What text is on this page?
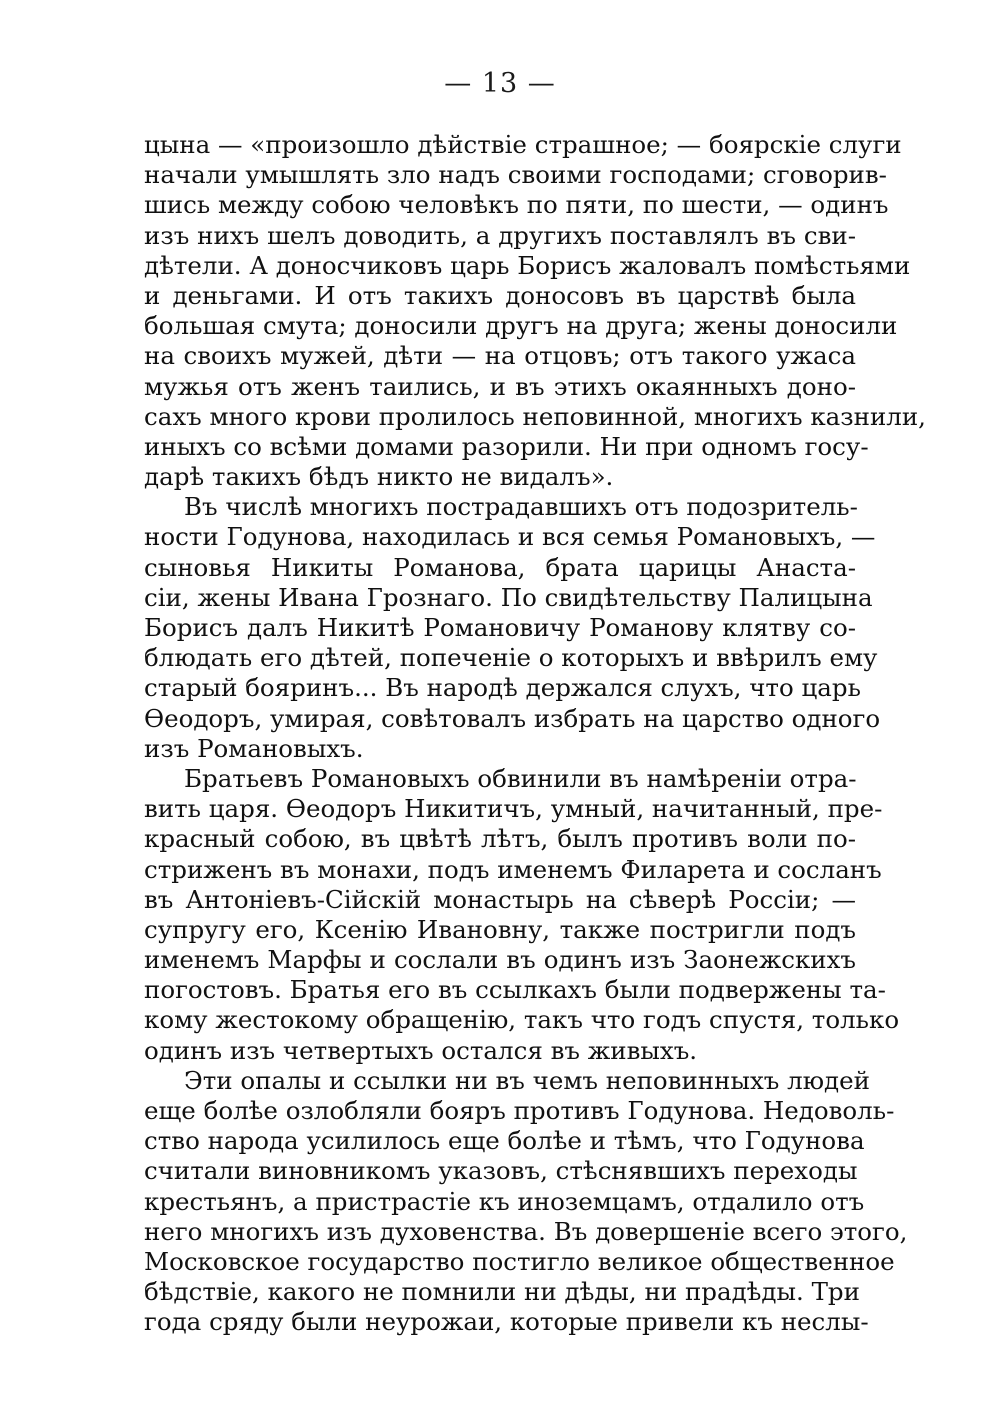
— 13 —
цына — «произошло дѣйствіе страшное; — боярскіе слуги
начали умышлять зло надъ своими господами; сговорив-
шись между собою человѣкъ по пяти, по шести, — одинъ
изъ нихъ шелъ доводить, а другихъ поставлялъ въ сви-
дѣтели. А доносчиковъ царь Борисъ жаловалъ помѣстьями
и деньгами. И отъ такихъ доносовъ въ царствѣ была
большая смута; доносили другъ на друга; жены доносили
на своихъ мужей, дѣти — на отцовъ; отъ такого ужаса
мужья отъ женъ таились, и въ этихъ окаянныхъ доно-
сахъ много крови пролилось неповинной, многихъ казнили,
иныхъ со всѣми домами разорили. Ни при одномъ госу-
дарѣ такихъ бѣдъ никто не видалъ».
Въ числѣ многихъ пострадавшихъ отъ подозритель-
ности Годунова, находилась и вся семья Романовыхъ, —
сыновья Никиты Романова, брата царицы Анаста-
сіи, жены Ивана Грознаго. По свидѣтельству Палицына
Борисъ далъ Никитѣ Романовичу Романову клятву со-
блюдать его дѣтей, попеченіе о которыхъ и ввѣрилъ ему
старый бояринъ... Въ народѣ держался слухъ, что царь
Ѳеодоръ, умирая, совѣтовалъ избрать на царство одного
изъ Романовыхъ.
Братьевъ Романовыхъ обвинили въ намѣреніи отра-
вить царя. Ѳеодоръ Никитичъ, умный, начитанный, пре-
красный собою, въ цвѣтѣ лѣтъ, былъ противъ воли по-
стриженъ въ монахи, подъ именемъ Филарета и сосланъ
въ Антоніевъ-Сійскій монастырь на сѣверѣ Россіи; —
супругу его, Ксенію Ивановну, также постригли подъ
именемъ Марфы и сослали въ одинъ изъ Заонежскихъ
погостовъ. Братья его въ ссылкахъ были подвержены та-
кому жестокому обращенію, такъ что годъ спустя, только
одинъ изъ четвертыхъ остался въ живыхъ.
Эти опалы и ссылки ни въ чемъ неповинныхъ людей
еще болѣе озлобляли бояръ противъ Годунова. Недоволь-
ство народа усилилось еще болѣе и тѣмъ, что Годунова
считали виновникомъ указовъ, стѣснявшихъ переходы
крестьянъ, а пристрастіе къ иноземцамъ, отдалило отъ
него многихъ изъ духовенства. Въ довершеніе всего этого,
Московское государство постигло великое общественное
бѣдствіе, какого не помнили ни дѣды, ни прадѣды. Три
года сряду были неурожаи, которые привели къ неслы-
